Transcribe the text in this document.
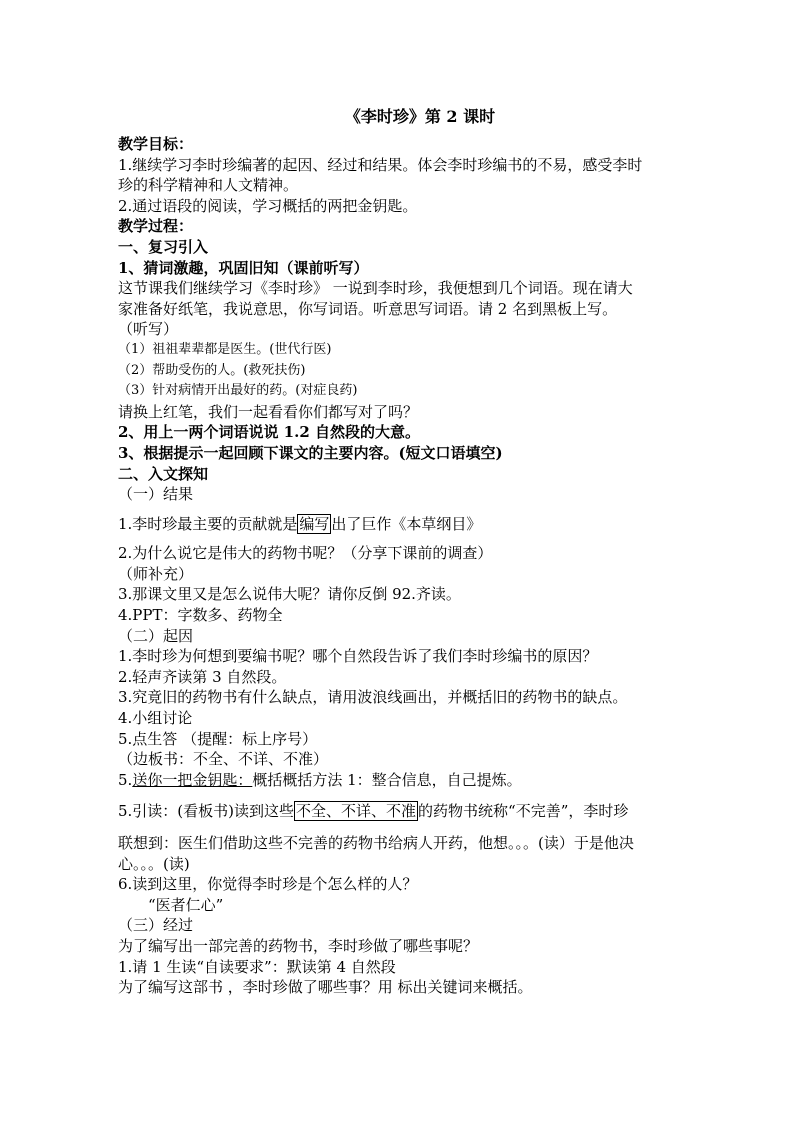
《李时珍》第 2 课时
教学目标：
1.继续学习李时珍编著的起因、经过和结果。体会李时珍编书的不易，感受李时
珍的科学精神和人文精神。
2.通过语段的阅读，学习概括的两把金钥匙。
教学过程：
一、复习引入
1、猜词激趣，巩固旧知（课前听写）
这节课我们继续学习《李时珍》 一说到李时珍，我便想到几个词语。现在请大
家准备好纸笔，我说意思，你写词语。听意思写词语。请 2 名到黑板上写。
（听写）
（1）祖祖辈辈都是医生。(世代行医)
（2）帮助受伤的人。(救死扶伤)
（3）针对病情开出最好的药。(对症良药)
请换上红笔，我们一起看看你们都写对了吗？
2、用上一两个词语说说 1.2 自然段的大意。
3、根据提示一起回顾下课文的主要内容。(短文口语填空)
二、入文探知
（一）结果
1.李时珍最主要的贡献就是 编写 出了巨作《本草纲目》
2.为什么说它是伟大的药物书呢？（分享下课前的调查）
（师补充）
3.那课文里又是怎么说伟大呢？请你反倒 92.齐读。
4.PPT：字数多、药物全
（二）起因
1.李时珍为何想到要编书呢？哪个自然段告诉了我们李时珍编书的原因？
2.轻声齐读第 3 自然段。
3.究竟旧的药物书有什么缺点，请用波浪线画出，并概括旧的药物书的缺点。
4.小组讨论
5.点生答 （提醒：标上序号）
（边板书：不全、不详、不准）
5.送你一把金钥匙：概括概括方法 1：整合信息，自己提炼。
5.引读：(看板书)读到这些 不全、不详、不准 的药物书统称“不完善”，李时珍
联想到：医生们借助这些不完善的药物书给病人开药，他想。。。(读）于是他决
心。。。(读)
6.读到这里，你觉得李时珍是个怎么样的人？
“医者仁心”
（三）经过
为了编写出一部完善的药物书，李时珍做了哪些事呢？
1.请 1 生读“自读要求”：默读第 4 自然段
为了编写这部书 ，李时珍做了哪些事？用 标出关键词来概括。
